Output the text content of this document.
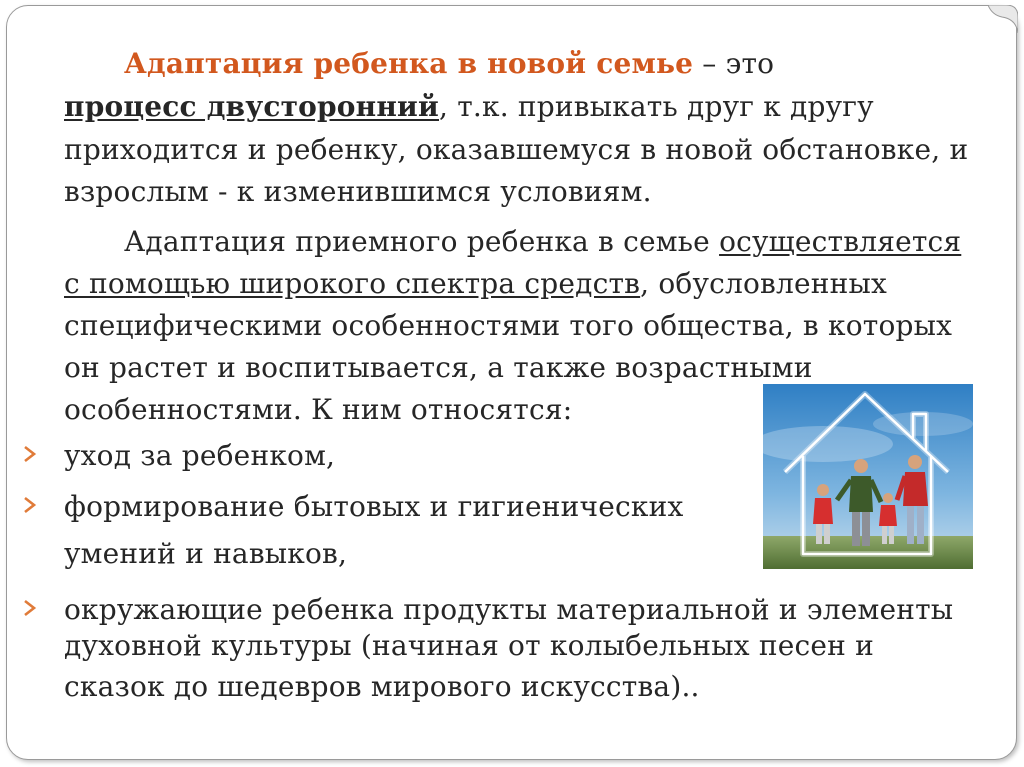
Адаптация ребенка в новой семье – это
процесс двусторонний, т.к. привыкать друг к другу
приходится и ребенку, оказавшемуся в новой обстановке, и
взрослым - к изменившимся условиям.
Адаптация приемного ребенка в семье осуществляется
с помощью широкого спектра средств, обусловленных
специфическими особенностями того общества, в которых
он растет и воспитывается, а также возрастными
особенностями. К ним относятся:
уход за ребенком,
формирование бытовых и гигиенических
умений и навыков,
окружающие ребенка продукты материальной и элементы
духовной культуры (начиная от колыбельных песен и
сказок до шедевров мирового искусства)..
